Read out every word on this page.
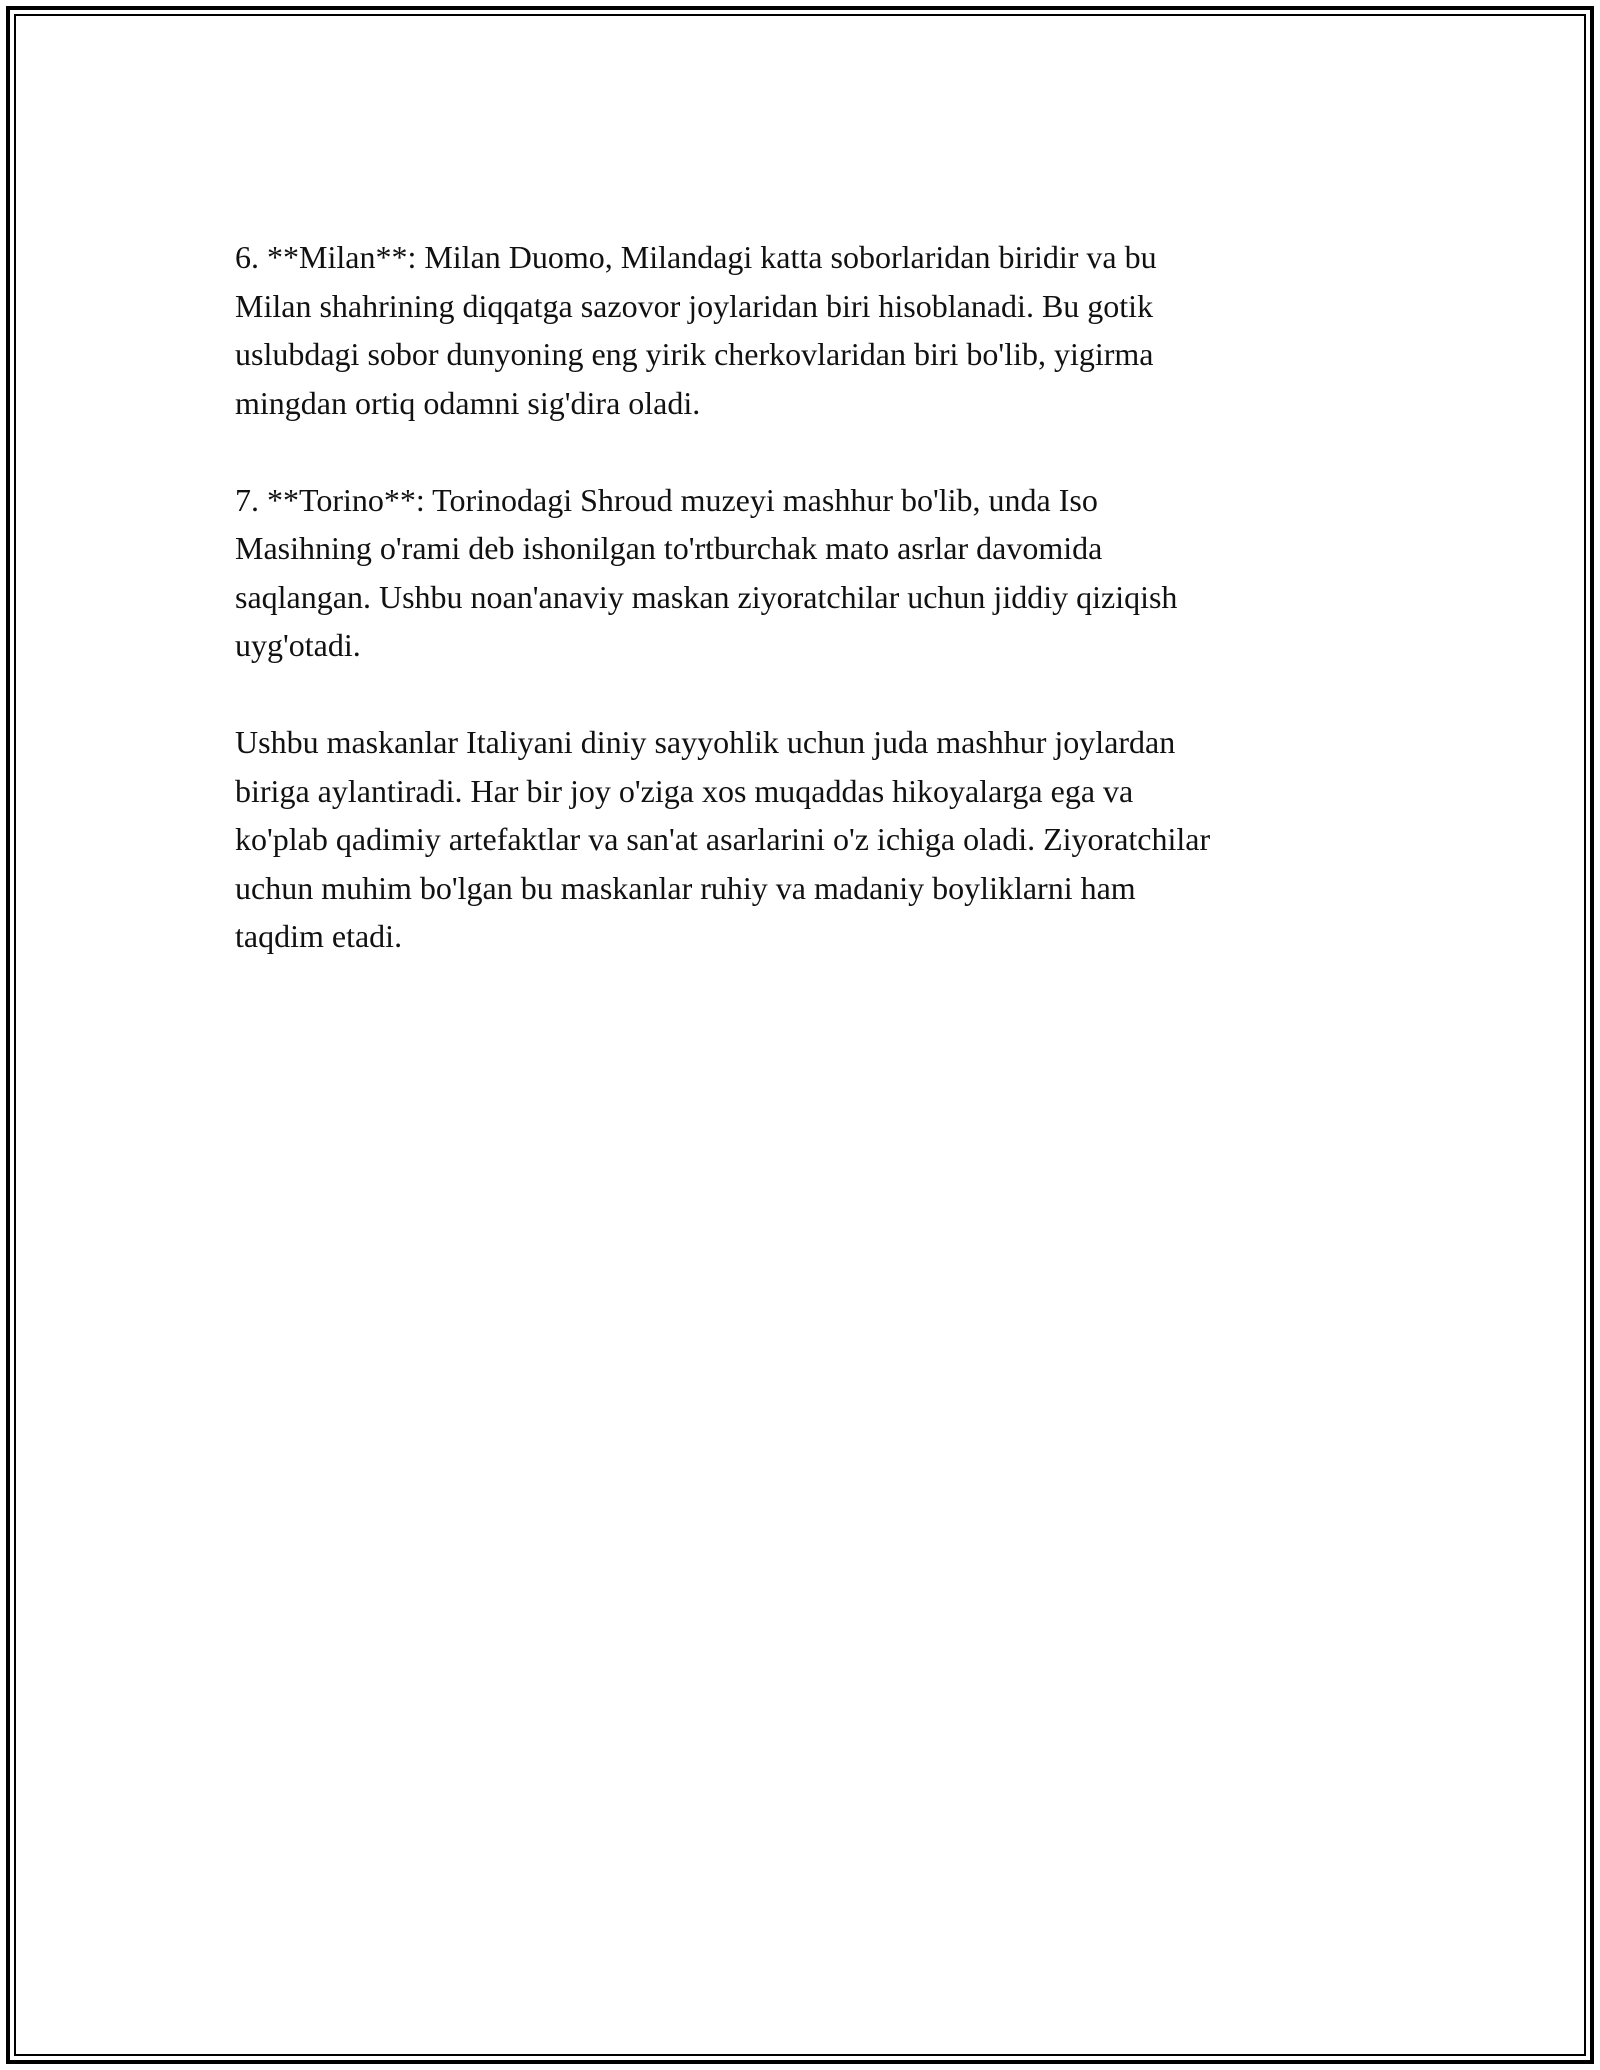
6. **Milan**: Milan Duomo, Milandagi katta soborlaridan biridir va bu
Milan shahrining diqqatga sazovor joylaridan biri hisoblanadi. Bu gotik
uslubdagi sobor dunyoning eng yirik cherkovlaridan biri bo'lib, yigirma
mingdan ortiq odamni sig'dira oladi.

7. **Torino**: Torinodagi Shroud muzeyi mashhur bo'lib, unda Iso
Masihning o'rami deb ishonilgan to'rtburchak mato asrlar davomida
saqlangan. Ushbu noan'anaviy maskan ziyoratchilar uchun jiddiy qiziqish
uyg'otadi.

Ushbu maskanlar Italiyani diniy sayyohlik uchun juda mashhur joylardan
biriga aylantiradi. Har bir joy o'ziga xos muqaddas hikoyalarga ega va
ko'plab qadimiy artefaktlar va san'at asarlarini o'z ichiga oladi. Ziyoratchilar
uchun muhim bo'lgan bu maskanlar ruhiy va madaniy boyliklarni ham
taqdim etadi.
